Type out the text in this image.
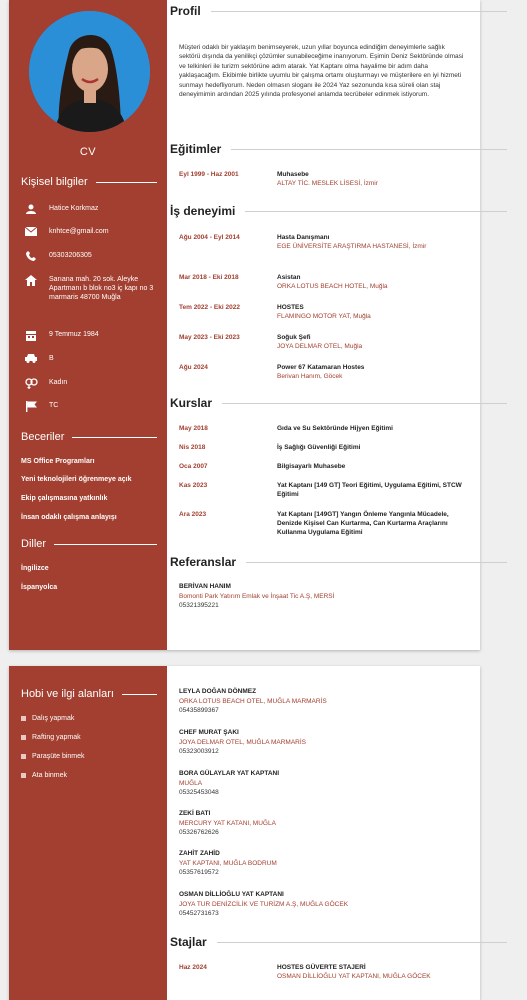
CV
Kişisel bilgiler
Hatice Korkmaz
knhtce@gmail.com
05303206305
Sarıana mah. 20 sok. Aleyke Apartmanı b blok no3 iç kapı no 3 marmaris 48700 Muğla
9 Temmuz 1984
B
Kadın
TC
Beceriler
MS Office Programları
Yeni teknolojileri öğrenmeye açık
Ekip çalışmasına yatkınlık
İnsan odaklı çalışma anlayışı
Diller
İngilizce
İspanyolca
Profil
Müşteri odaklı bir yaklaşım benimseyerek, uzun yıllar boyunca edindiğim deneyimlerle sağlık sektörü dışında da yenilikçi çözümler sunabileceğime inanıyorum. Eşimin Deniz Sektöründe olmasi ve telkinleri ile turizm sektörüne adım atarak. Yat Kaptanı olma hayalime bir adım daha yaklaşacağım. Ekibimle birlikte uyumlu bir çalışma ortamı oluşturmayı ve müşterilere en iyi hizmeti sunmayı hedefliyorum. Neden olmasın sloganı ile 2024 Yaz sezonunda kısa süreli olan staj deneyimimin ardından 2025 yılında profesyonel anlamda tecrübeler edinmek istiyorum.
Eğitimler
Eyl 1999 - Haz 2001	Muhasebe
ALTAY TİC. MESLEK LİSESİ, İzmir
İş deneyimi
Ağu 2004 - Eyl 2014	Hasta Danışmanı
EGE ÜNİVERSİTE ARAŞTIRMA HASTANESİ, İzmir
Mar 2018 - Eki 2018	Asistan
ORKA LOTUS BEACH HOTEL, Muğla
Tem 2022 - Eki 2022	HOSTES
FLAMINGO MOTOR YAT, Muğla
May 2023 - Eki 2023	Soğuk Şefi
JOYA DELMAR OTEL, Muğla
Ağu 2024	Power 67 Katamaran Hostes
Berivan Hanım, Göcek
Kurslar
May 2018	Gıda ve Su Sektöründe Hijyen Eğitimi
Nis 2018	İş Sağlığı Güvenliği Eğitimi
Oca 2007	Bilgisayarlı Muhasebe
Kas 2023	Yat Kaptanı [149 GT] Teori Eğitimi, Uygulama Eğitimi, STCW Eğitimi
Ara 2023	Yat Kaptanı [149GT] Yangın Önleme Yangınla Mücadele, Denizde Kişisel Can Kurtarma, Can Kurtarma Araçlarını Kullanma Uygulama Eğitimi
Referanslar
BERİVAN HANIM
Bomonti Park Yatırım Emlak ve İnşaat Tic A.Ş, MERSİ
05321395221
Hobi ve ilgi alanları
Dalış yapmak
Rafting yapmak
Paraşüte binmek
Ata binmek
LEYLA DOĞAN DÖNMEZ
ORKA LOTUS BEACH OTEL, MUĞLA MARMARİS
05435899367
CHEF MURAT ŞAKI
JOYA DELMAR OTEL, MUĞLA MARMARİS
05323003912
BORA GÜLAYLAR YAT KAPTANI
MUĞLA
05325453048
ZEKİ BATI
MERCURY YAT KATANI, MUĞLA
05326762626
ZAHİT ZAHİD
YAT KAPTANI, MUĞLA BODRUM
05357619572
OSMAN DİLLİOĞLU YAT KAPTANI
JOYA TUR DENİZCİLİK VE TURİZM A.Ş, MUĞLA GÖCEK
05452731673
Stajlar
Haz 2024	HOSTES GÜVERTE STAJERİ
OSMAN DİLLİOĞLU YAT KAPTANI, MUĞLA GÖCEK
